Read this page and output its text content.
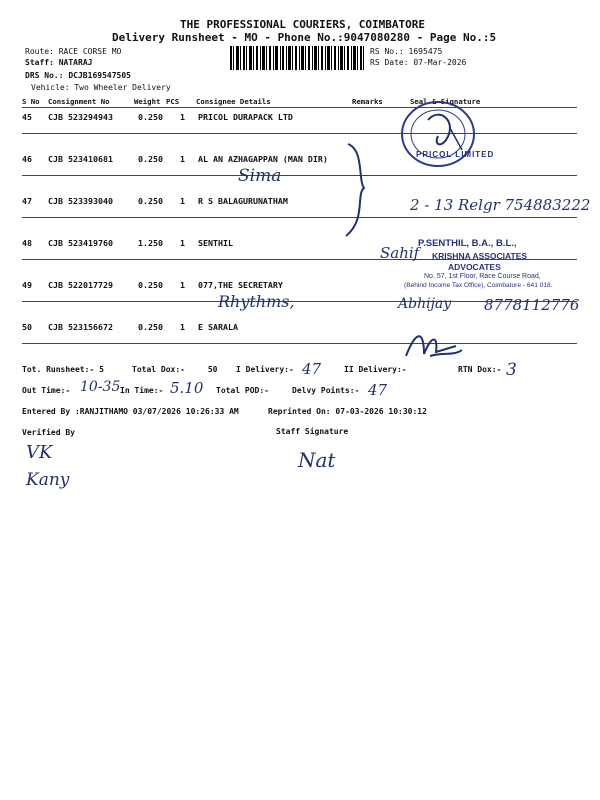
THE PROFESSIONAL COURIERS, COIMBATORE
Delivery Runsheet - MO - Phone No.:9047080280 - Page No.:5
Route: RACE CORSE MO
Staff: NATARAJ
DRS No.: DCJB169547505
Vehicle: Two Wheeler Delivery
RS No.: 1695475
RS Date: 07-Mar-2026
S No Consignment No	Weight PCS Consignee Details	Remarks	Seal & Signature
45 CJB 523294943	0.250 1 PRICOL DURAPACK LTD
46 CJB 523410681	0.250 1 AL AN AZHAGAPPAN (MAN DIR)
47 CJB 523393040	0.250 1 R S BALAGURUNATHAM
48 CJB 523419760	1.250 1 SENTHIL
49 CJB 522017729	0.250 1 077,THE SECRETARY
50 CJB 523156672	0.250 1 E SARALA
PRICOL LIMITED
P.SENTHIL, B.A., B.L.,
KRISHNA ASSOCIATES
ADVOCATES
No. 57, 1st Floor, Race Course Road,
(Behind Income Tax Office), Coimbatore - 641 018.
Sima
2 - 13 Relgr 754883222
Sahif
Rhythms,	Abhijay 8778112776
Tot. Runsheet:- 5	Total Dox:-	50 I Delivery:- 47	II Delivery:-	RTN Dox:- 3
Out Time:- 10-35 In Time:- 5.10 Total POD:-	Delvy Points:- 47
Entered By :RANJITHAMO 03/07/2026 10:26:33 AM	Reprinted On: 07-03-2026 10:30:12
Verified By	Staff Signature
VK
Kany
Nat
